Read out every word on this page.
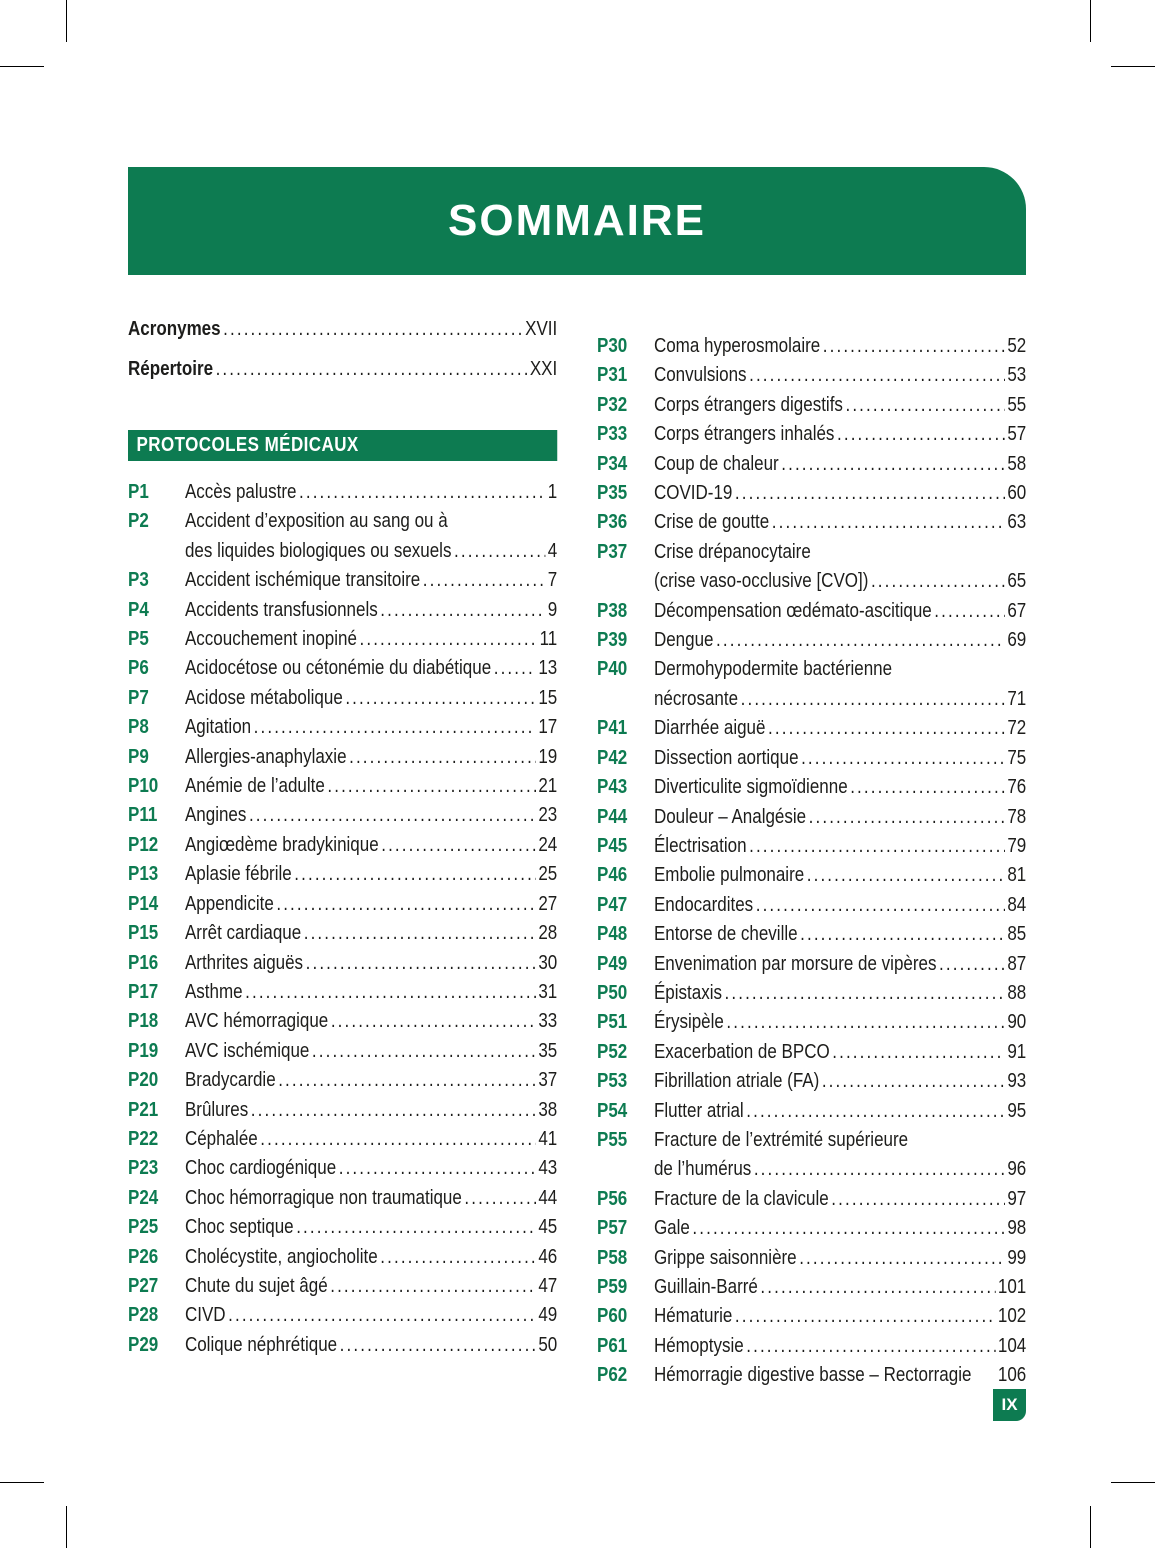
SOMMAIRE
Acronymes .....	XVII
Répertoire .....	XXI
PROTOCOLES MÉDICAUX
P1	Accès palustre .....	1
P2	Accident d’exposition au sang ou à
des liquides biologiques ou sexuels .....	4
P3	Accident ischémique transitoire .....	7
P4	Accidents transfusionnels .....	9
P5	Accouchement inopiné .....	11
P6	Acidocétose ou cétonémie du diabétique ..... 13
P7	Acidose métabolique .....	15
P8	Agitation .....	17
P9	Allergies-anaphylaxie .....	19
P10	Anémie de l’adulte .....	21
P11	Angines .....	23
P12	Angiœdème bradykinique .....	24
P13	Aplasie fébrile .....	25
P14	Appendicite .....	27
P15	Arrêt cardiaque .....	28
P16	Arthrites aiguës .....	30
P17	Asthme .....	31
P18	AVC hémorragique .....	33
P19	AVC ischémique .....	35
P20	Bradycardie .....	37
P21	Brûlures .....	38
P22	Céphalée .....	41
P23	Choc cardiogénique .....	43
P24	Choc hémorragique non traumatique .....	44
P25	Choc septique .....	45
P26	Cholécystite, angiocholite .....	46
P27	Chute du sujet âgé .....	47
P28	CIVD .....	49
P29	Colique néphrétique .....	50
P30	Coma hyperosmolaire .....	52
P31	Convulsions .....	53
P32	Corps étrangers digestifs .....	55
P33	Corps étrangers inhalés .....	57
P34	Coup de chaleur .....	58
P35	COVID-19 .....	60
P36	Crise de goutte .....	63
P37	Crise drépanocytaire
(crise vaso-occlusive [CVO]) .....	65
P38	Décompensation œdémato-ascitique .....	67
P39	Dengue .....	69
P40	Dermohypodermite bactérienne
nécrosante .....	71
P41	Diarrhée aiguë .....	72
P42	Dissection aortique .....	75
P43	Diverticulite sigmoïdienne .....	76
P44	Douleur – Analgésie .....	78
P45	Électrisation .....	79
P46	Embolie pulmonaire .....	81
P47	Endocardites .....	84
P48	Entorse de cheville .....	85
P49	Envenimation par morsure de vipères .....	87
P50	Épistaxis .....	88
P51	Érysipèle .....	90
P52	Exacerbation de BPCO .....	91
P53	Fibrillation atriale (FA) .....	93
P54	Flutter atrial .....	95
P55	Fracture de l’extrémité supérieure
de l’humérus .....	96
P56	Fracture de la clavicule .....	97
P57	Gale .....	98
P58	Grippe saisonnière .....	99
P59	Guillain-Barré .....	101
P60	Hématurie .....	102
P61	Hémoptysie .....	104
P62	Hémorragie digestive basse – Rectorragie 106
IX
